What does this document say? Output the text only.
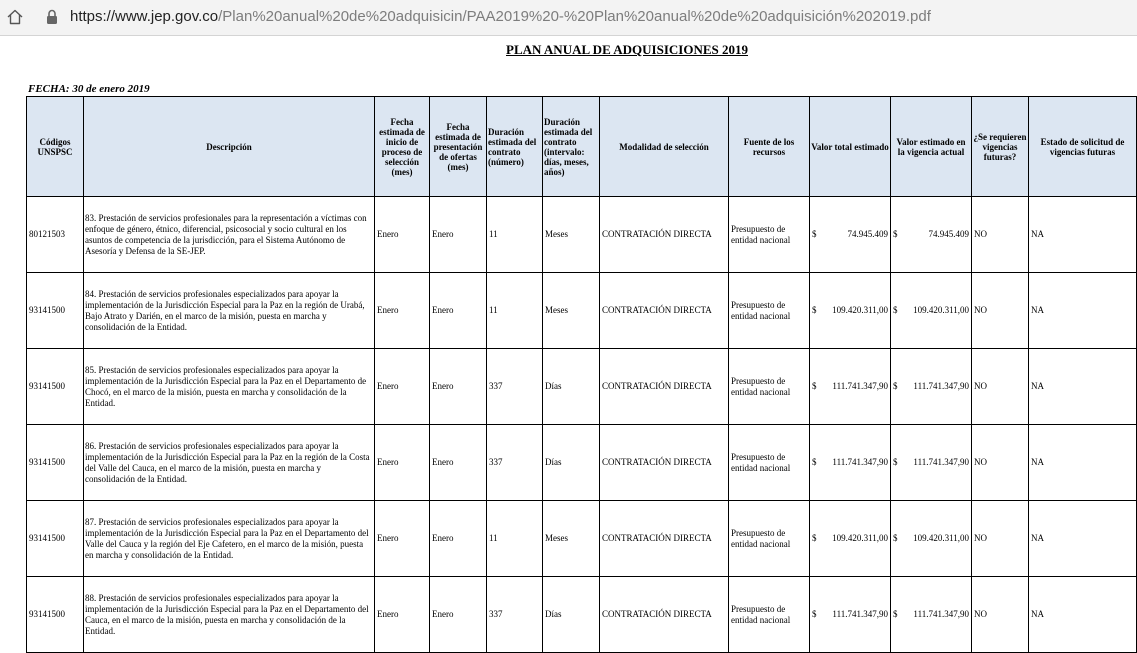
https://www.jep.gov.co/Plan%20anual%20de%20adquisicin/PAA2019%20-%20Plan%20anual%20de%20adquisición%202019.pdf
PLAN ANUAL DE ADQUISICIONES 2019
FECHA: 30 de enero 2019
Códigos UNSPSC	Descripción	Fecha estimada de inicio de proceso de selección (mes)	Fecha estimada de presentación de ofertas (mes)	Duración estimada del contrato (número)	Duración estimada del contrato (intervalo: días, meses, años)	Modalidad de selección	Fuente de los recursos	Valor total estimado	Valor estimado en la vigencia actual	¿Se requieren vigencias futuras?	Estado de solicitud de vigencias futuras
80121503	83. Prestación de servicios profesionales para la representación a víctimas con enfoque de género, étnico, diferencial, psicosocial y socio cultural en los asuntos de competencia de la jurisdicción, para el Sistema Autónomo de Asesoría y Defensa de la SE-JEP.	Enero	Enero	11	Meses	CONTRATACIÓN DIRECTA	Presupuesto de entidad nacional	$ 74.945.409	$ 74.945.409	NO	NA
93141500	84. Prestación de servicios profesionales especializados para apoyar la implementación de la Jurisdicción Especial para la Paz en la región de Urabá, Bajo Atrato y Darién, en el marco de la misión, puesta en marcha y consolidación de la Entidad.	Enero	Enero	11	Meses	CONTRATACIÓN DIRECTA	Presupuesto de entidad nacional	$ 109.420.311,00	$ 109.420.311,00	NO	NA
93141500	85. Prestación de servicios profesionales especializados para apoyar la implementación de la Jurisdicción Especial para la Paz en el Departamento de Chocó, en el marco de la misión, puesta en marcha y consolidación de la Entidad.	Enero	Enero	337	Días	CONTRATACIÓN DIRECTA	Presupuesto de entidad nacional	$ 111.741.347,90	$ 111.741.347,90	NO	NA
93141500	86. Prestación de servicios profesionales especializados para apoyar la implementación de la Jurisdicción Especial para la Paz en la región de la Costa del Valle del Cauca, en el marco de la misión, puesta en marcha y consolidación de la Entidad.	Enero	Enero	337	Días	CONTRATACIÓN DIRECTA	Presupuesto de entidad nacional	$ 111.741.347,90	$ 111.741.347,90	NO	NA
93141500	87. Prestación de servicios profesionales especializados para apoyar la implementación de la Jurisdicción Especial para la Paz en el Departamento del Valle del Cauca y la región del Eje Cafetero, en el marco de la misión, puesta en marcha y consolidación de la Entidad.	Enero	Enero	11	Meses	CONTRATACIÓN DIRECTA	Presupuesto de entidad nacional	$ 109.420.311,00	$ 109.420.311,00	NO	NA
93141500	88. Prestación de servicios profesionales especializados para apoyar la implementación de la Jurisdicción Especial para la Paz en el Departamento del Cauca, en el marco de la misión, puesta en marcha y consolidación de la Entidad.	Enero	Enero	337	Días	CONTRATACIÓN DIRECTA	Presupuesto de entidad nacional	$ 111.741.347,90	$ 111.741.347,90	NO	NA
